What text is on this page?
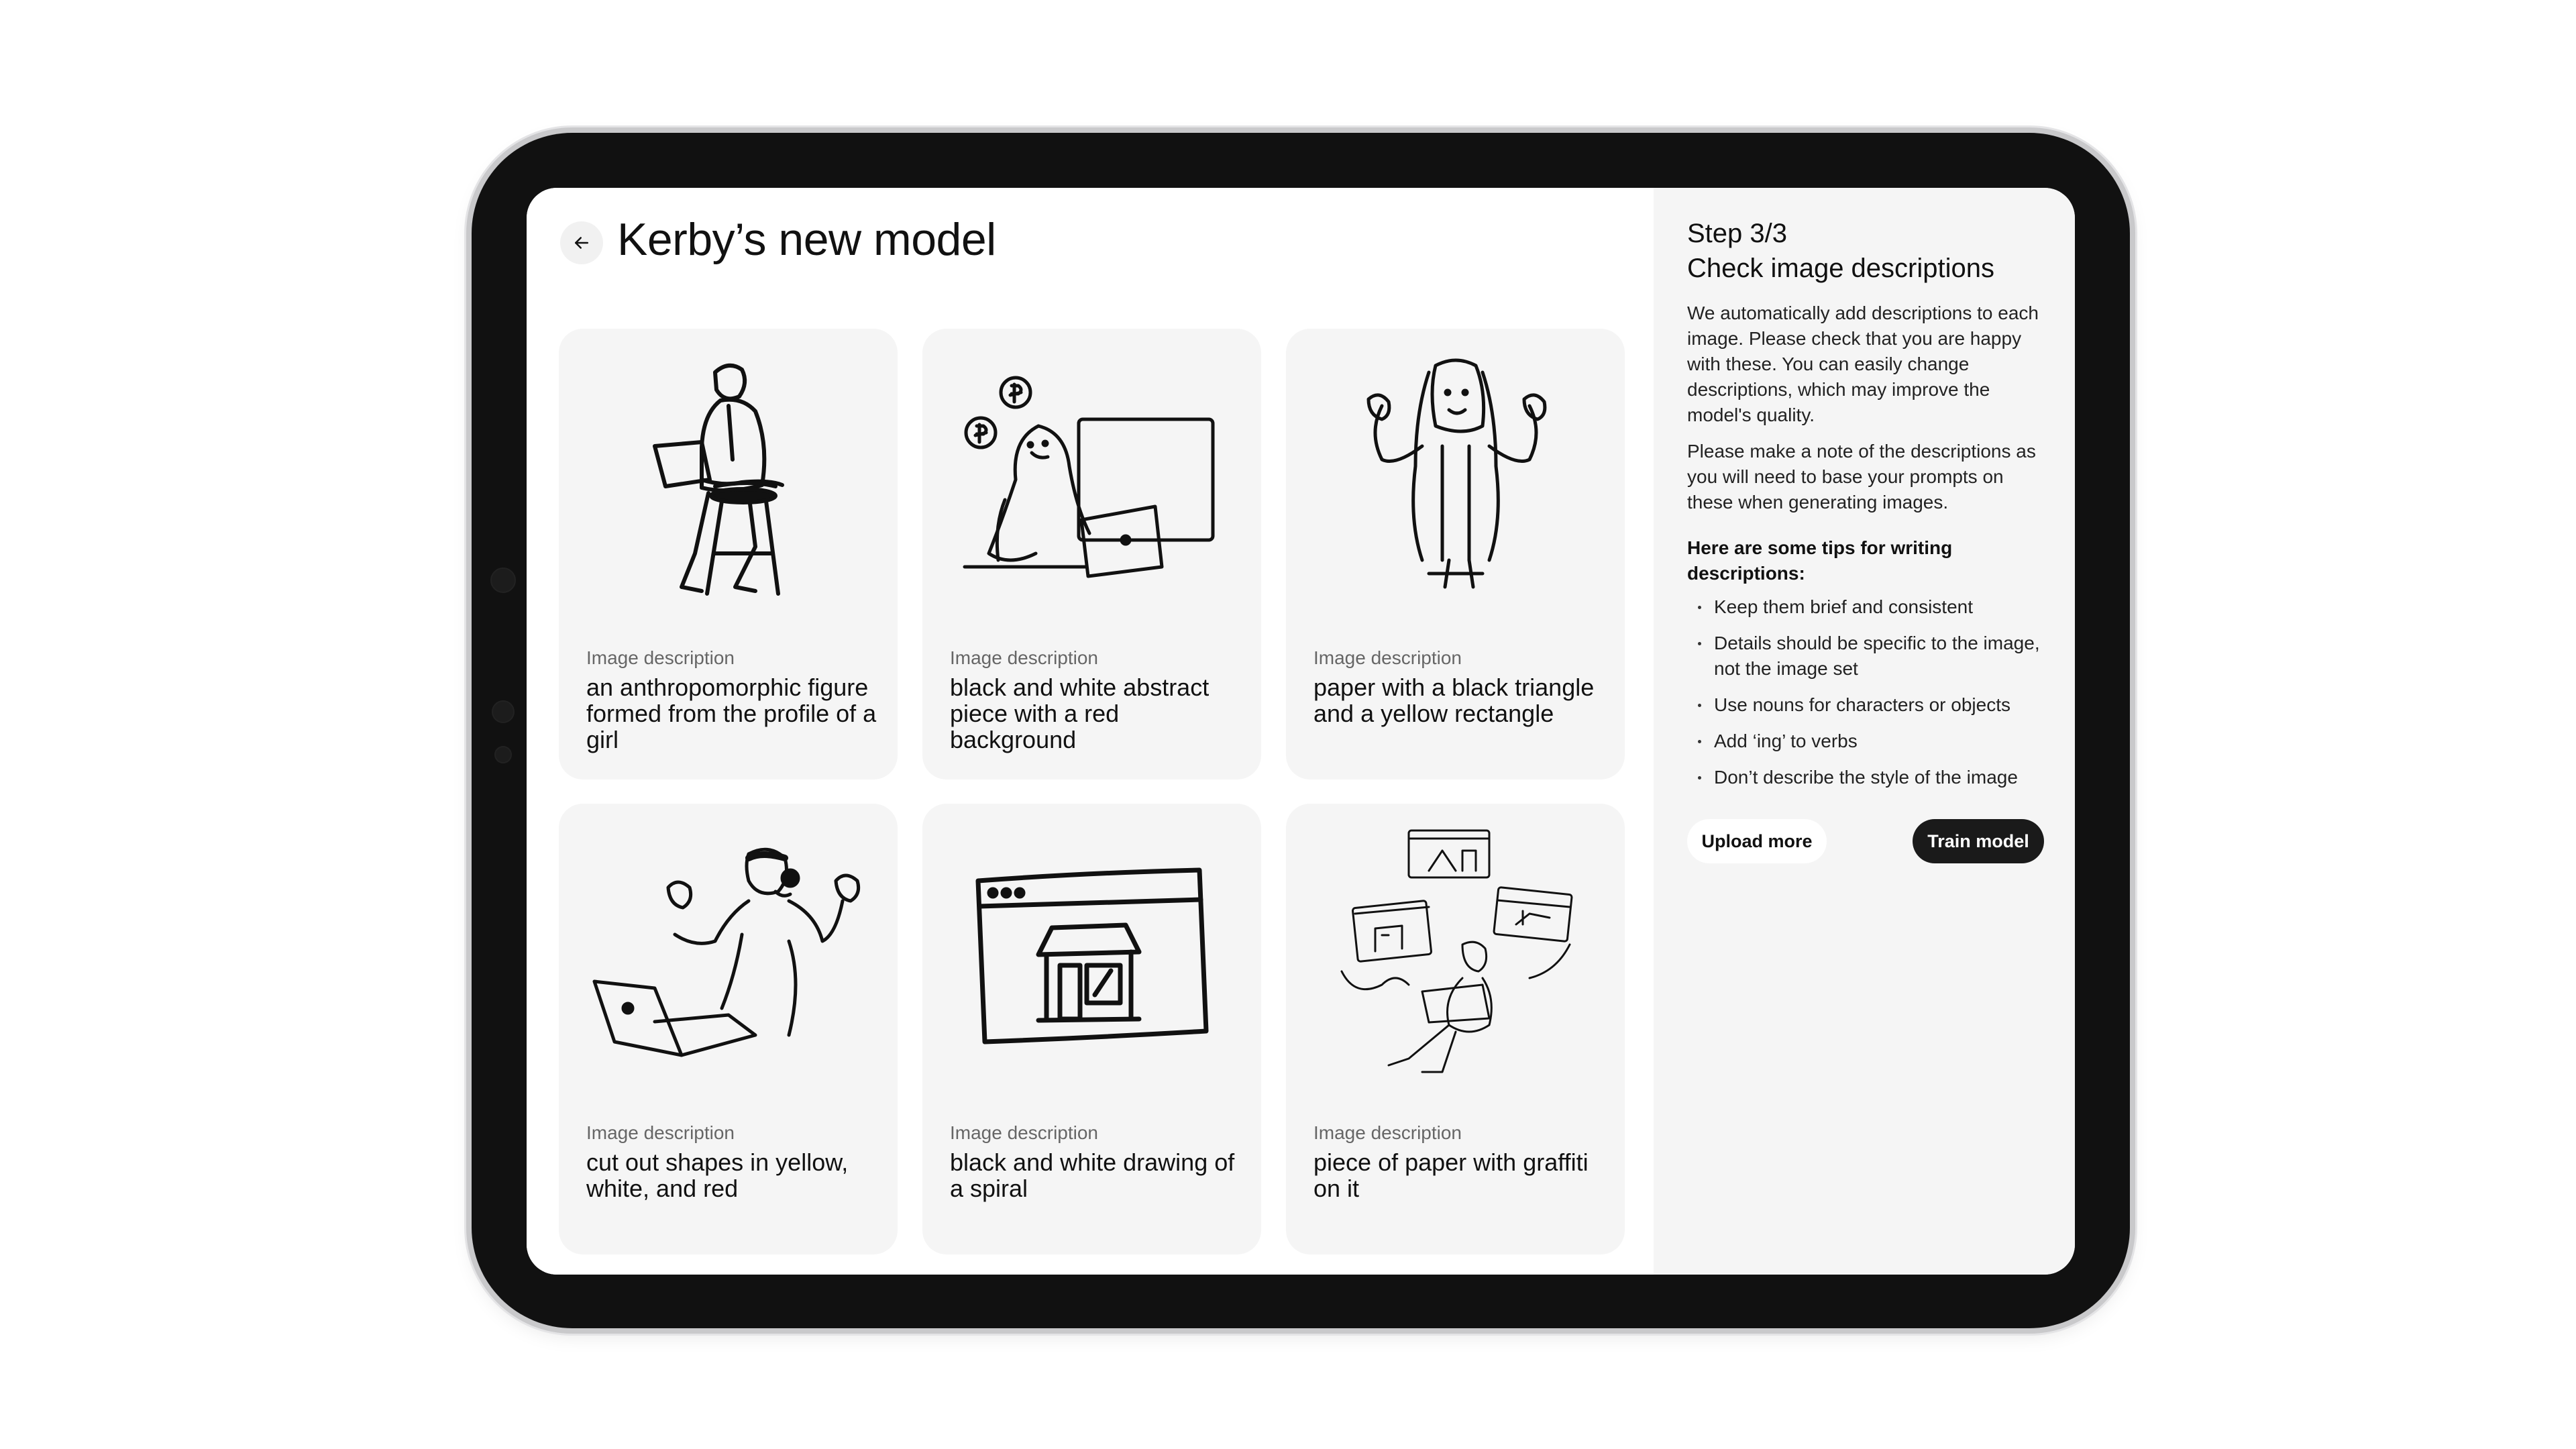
Kerby’s new model
Image description
an anthropomorphic figure formed from the profile of a girl
Image description
black and white abstract piece with a red background
Image description
paper with a black triangle and a yellow rectangle
Image description
cut out shapes in yellow, white, and red
Image description
black and white drawing of a spiral
Image description
piece of paper with graffiti on it
Step 3/3
Check image descriptions

We automatically add descriptions to each image. Please check that you are happy with these. You can easily change descriptions, which may improve the model's quality.

Please make a note of the descriptions as you will need to base your prompts on these when generating images.

Here are some tips for writing descriptions:
Keep them brief and consistent
Details should be specific to the image, not the image set
Use nouns for characters or objects
Add ‘ing’ to verbs
Don’t describe the style of the image
Upload more	Train model
